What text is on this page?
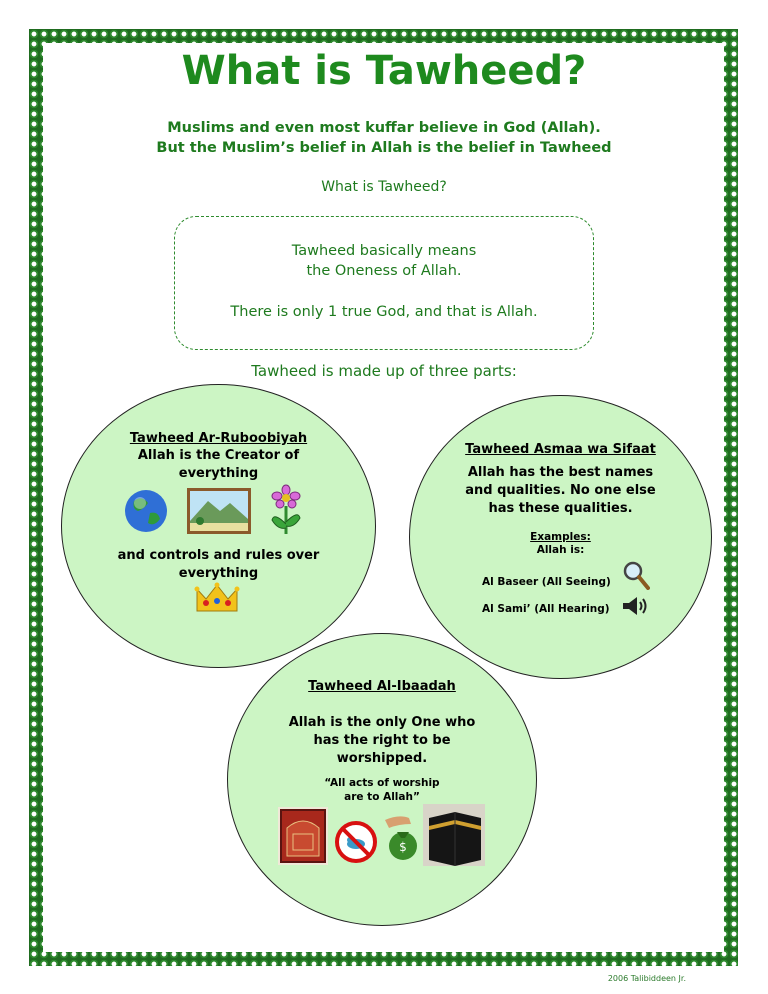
What is Tawheed?
Muslims and even most kuffar believe in God (Allah).
But the Muslim’s belief in Allah is the belief in Tawheed
What is Tawheed?
Tawheed basically means
the Oneness of Allah.
There is only 1 true God, and that is Allah.
Tawheed is made up of three parts:
Tawheed Ar-Ruboobiyah
Allah is the Creator of
everything
and controls and rules over
everything
Tawheed Asmaa wa Sifaat
Allah has the best names
and qualities. No one else
has these qualities.
Examples:
Allah is:
Al Baseer (All Seeing)
Al Sami’ (All Hearing)
Tawheed Al-Ibaadah
Allah is the only One who
has the right to be
worshipped.
“All acts of worship
are to Allah”
$
2006 Talibiddeen Jr.
